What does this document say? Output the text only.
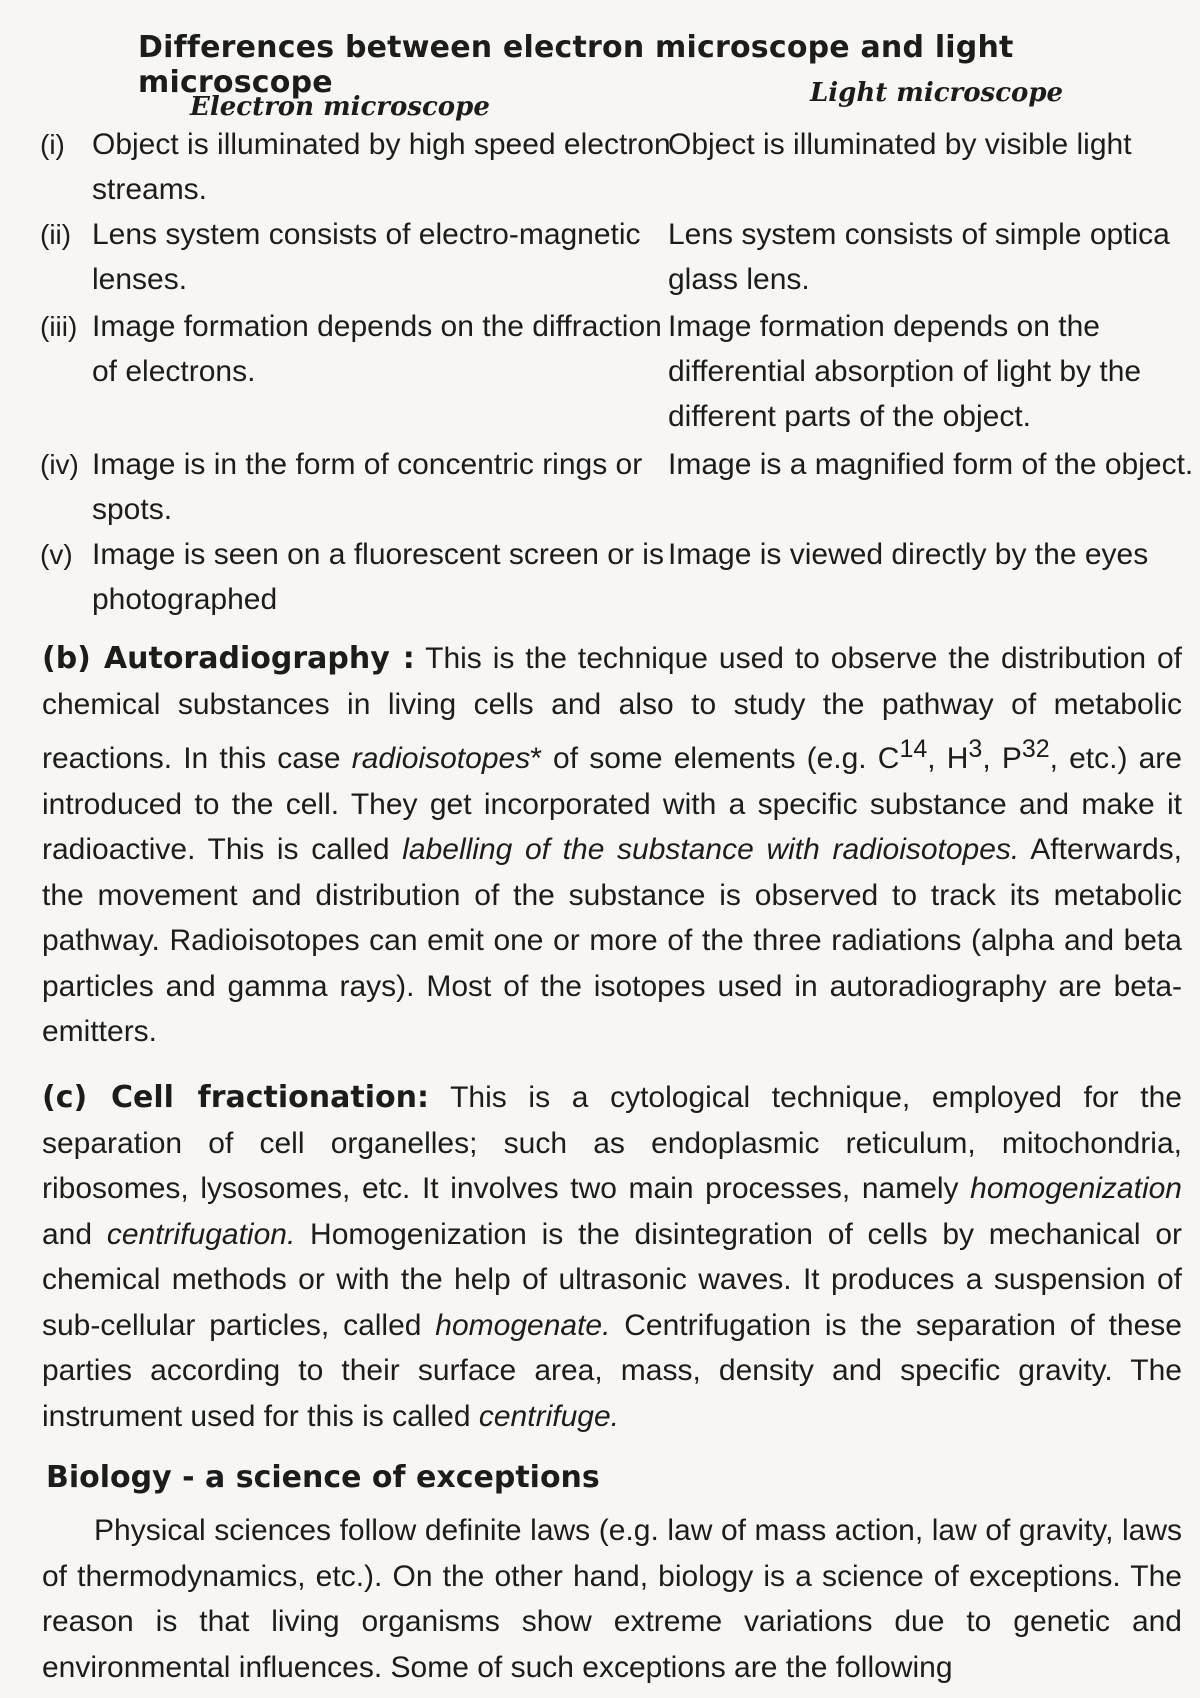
Differences between electron microscope and light microscope
Electron microscope	Light microscope
(i) Object is illuminated by high speed electron streams.
Object is illuminated by visible light
(ii) Lens system consists of electro-magnetic lenses.
Lens system consists of simple optica glass lens.
(iii) Image formation depends on the diffraction of electrons.
Image formation depends on the differential absorption of light by the different parts of the object.
(iv) Image is in the form of concentric rings or spots.
Image is a magnified form of the object.
(v) Image is seen on a fluorescent screen or is photographed
Image is viewed directly by the eyes
(b) Autoradiography : This is the technique used to observe the distribution of chemical substances in living cells and also to study the pathway of metabolic reactions. In this case radioisotopes* of some elements (e.g. $C^{14}$, $H^3$, $P^{32}$, etc.) are introduced to the cell. They get incorporated with a specific substance and make it radioactive. This is called labelling of the substance with radioisotopes. Afterwards, the movement and distribution of the substance is observed to track its metabolic pathway. Radioisotopes can emit one or more of the three radiations (alpha and beta particles and gamma rays). Most of the isotopes used in autoradiography are beta- emitters.
(c) Cell fractionation: This is a cytological technique, employed for the separation of cell organelles; such as endoplasmic reticulum, mitochondria, ribosomes, lysosomes, etc. It involves two main processes, namely homogenization and centrifugation. Homogenization is the disintegration of cells by mechanical or chemical methods or with the help of ultrasonic waves. It produces a suspension of sub-cellular particles, called homogenate. Centrifugation is the separation of these parties according to their surface area, mass, density and specific gravity. The instrument used for this is called centrifuge.
Biology - a science of exceptions
Physical sciences follow definite laws (e.g. law of mass action, law of gravity, laws of thermodynamics, etc.). On the other hand, biology is a science of exceptions. The reason is that living organisms show extreme variations due to genetic and environmental influences. Some of such exceptions are the following
